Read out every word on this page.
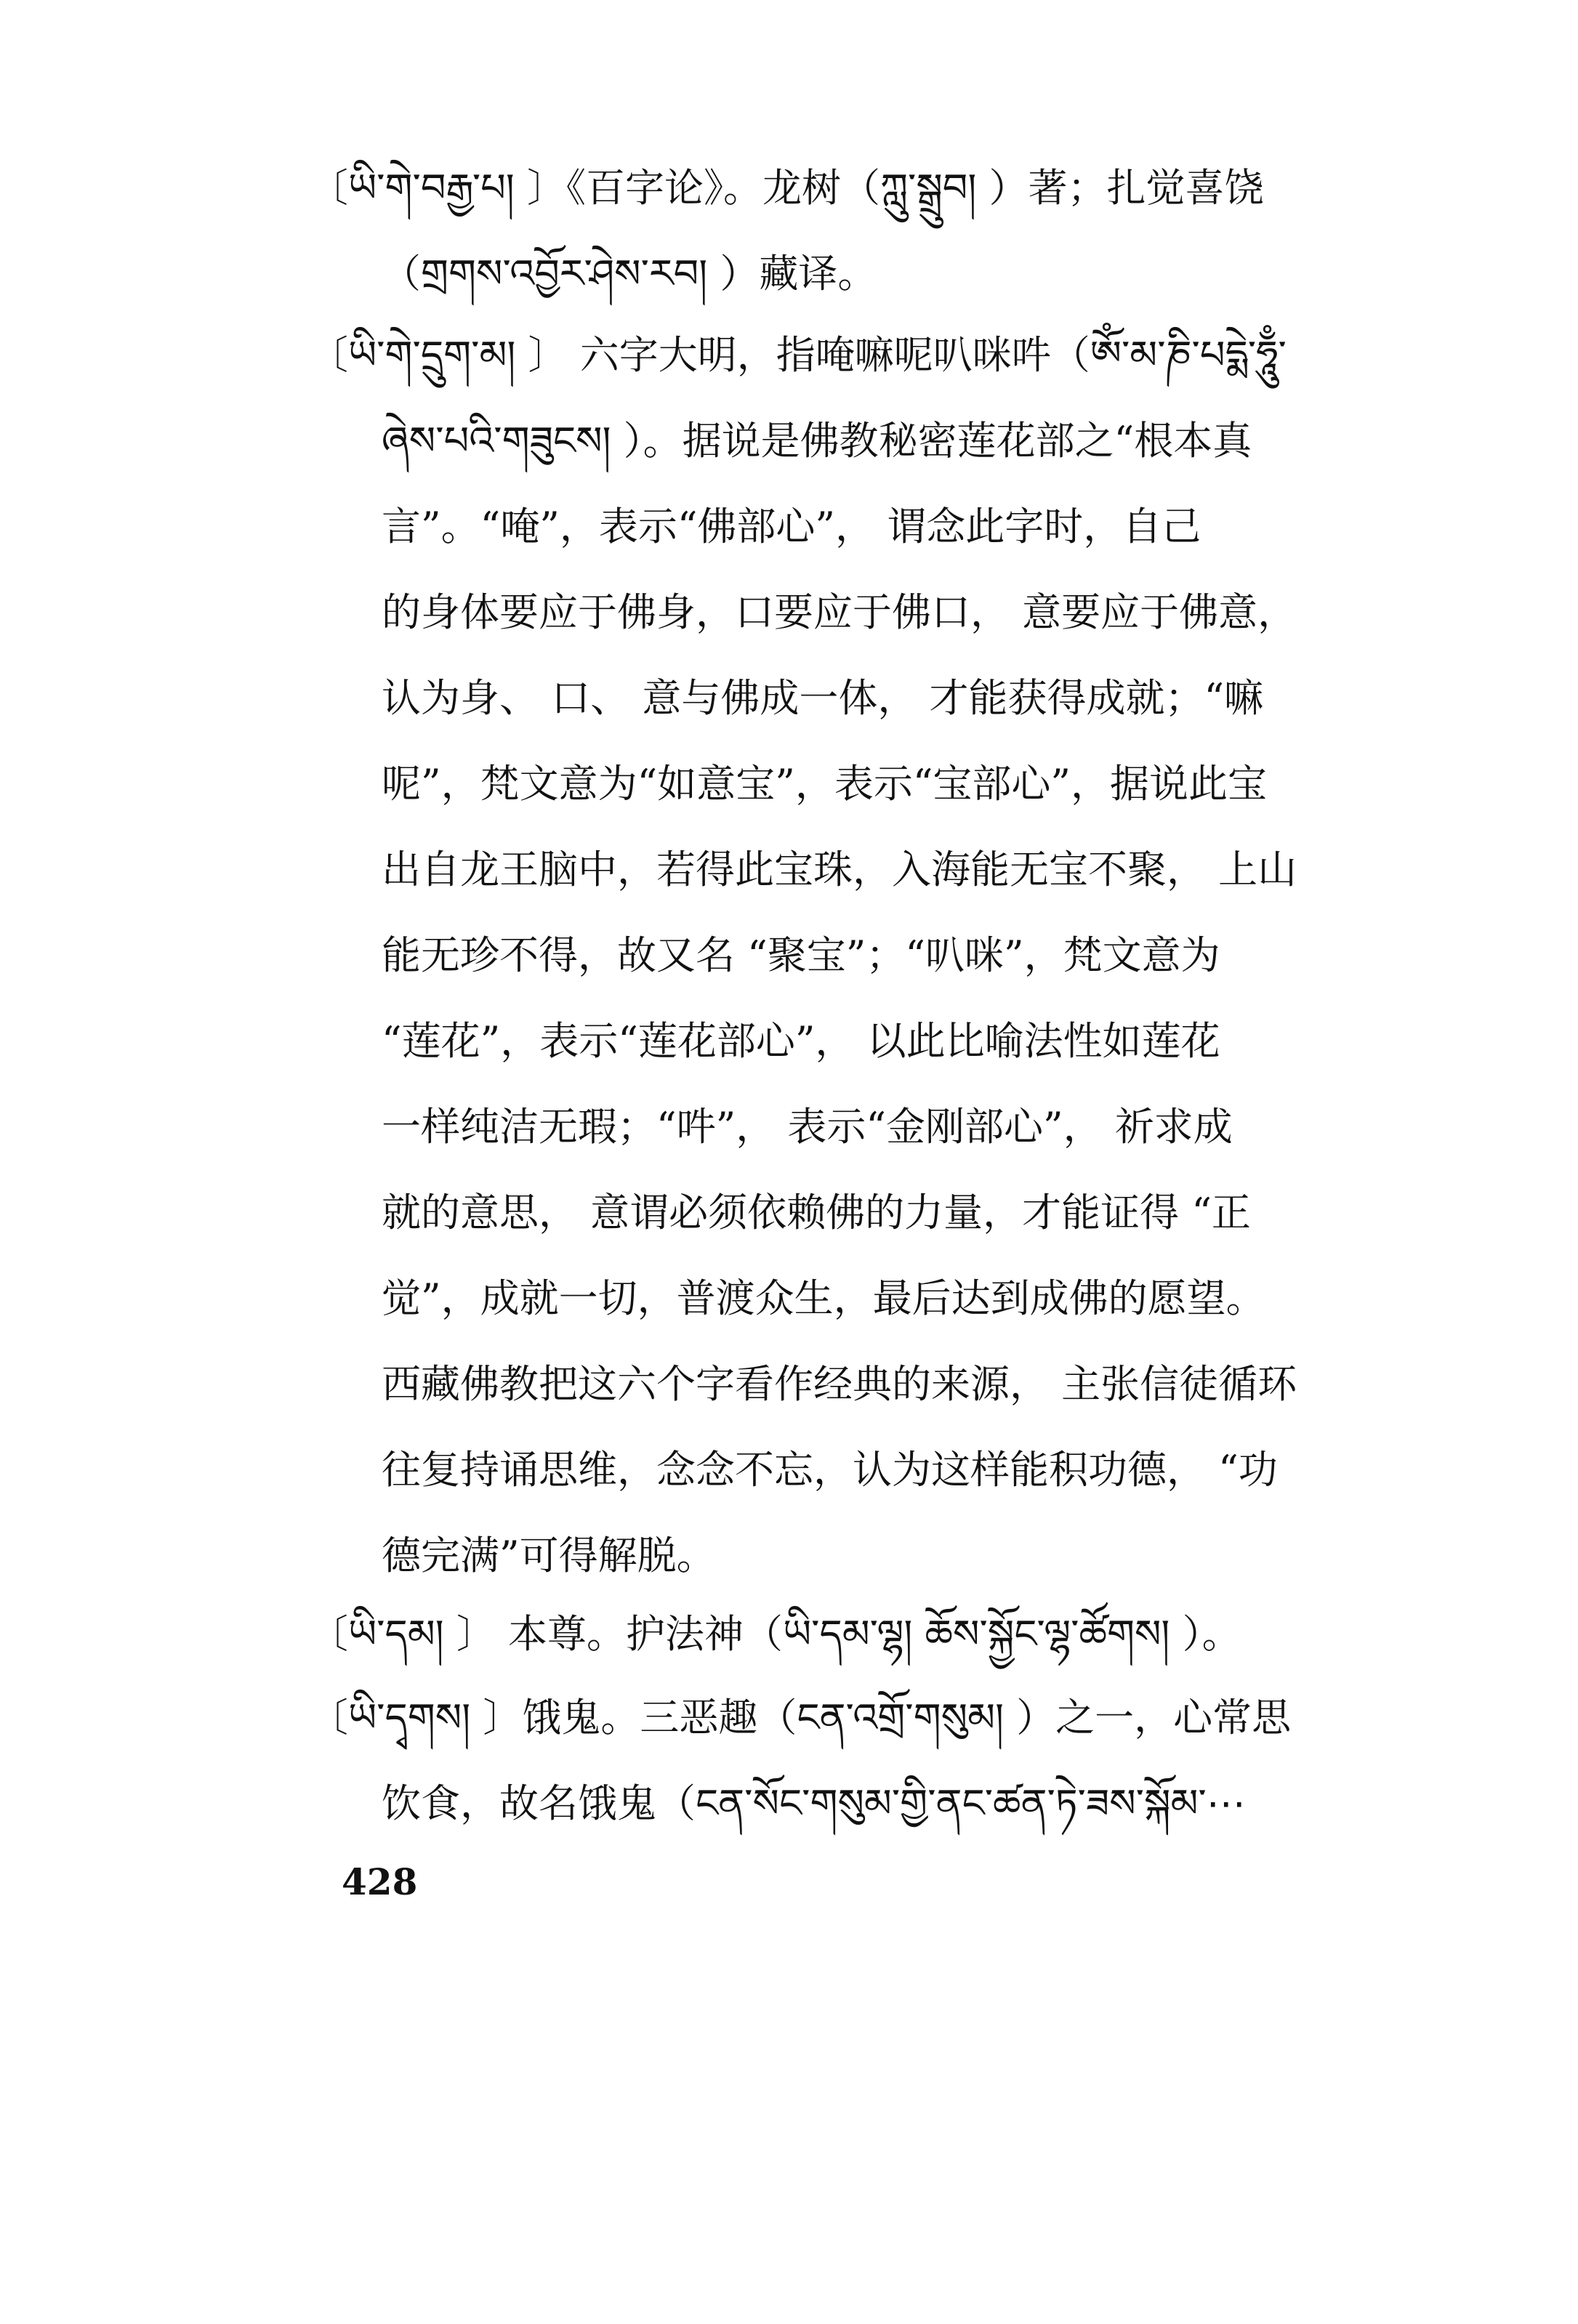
〔ཡི་གེ་བརྒྱ་པ། 〕《百字论》。龙树（ཀླུ་སྒྲུབ། ）著；扎觉喜饶
（གྲགས་འབྱོར་ཤེས་རབ། ）藏译。
〔ཡི་གེ་དྲུག་མ། 〕 六字大明，指唵嘛呢叭咪吽（ཨོཾ་མ་ཎི་པདྨེ་ཧཱུྃ་
ཞེས་པའི་གཟུངས། ）。据说是佛教秘密莲花部之“根本真
言”。“唵”，表示“佛部心”， 谓念此字时，自己
的身体要应于佛身，口要应于佛口， 意要应于佛意，
认为身、 口、 意与佛成一体， 才能获得成就；“嘛
呢”，梵文意为“如意宝”，表示“宝部心”，据说此宝
出自龙王脑中，若得此宝珠，入海能无宝不聚， 上山
能无珍不得，故又名 “聚宝”；“叭咪”，梵文意为
“莲花”，表示“莲花部心”， 以此比喻法性如莲花
一样纯洁无瑕；“吽”， 表示“金刚部心”， 祈求成
就的意思， 意谓必须依赖佛的力量，才能证得 “正
觉”，成就一切，普渡众生，最后达到成佛的愿望。
西藏佛教把这六个字看作经典的来源， 主张信徒循环
往复持诵思维，念念不忘，认为这样能积功德， “功
德完满”可得解脱。
〔ཡི་དམ། 〕 本尊。护法神（ཡི་དམ་ལྷ། ཆོས་སྐྱོང་ལྷ་ཚོགས། ）。
〔ཡི་དྭགས། 〕饿鬼。三恶趣（ངན་འགྲོ་གསུམ། ）之一，心常思
饮食，故名饿鬼（ངན་སོང་གསུམ་གྱི་ནང་ཚན་ཏེ་ཟས་སྐོམ་⋯
428
